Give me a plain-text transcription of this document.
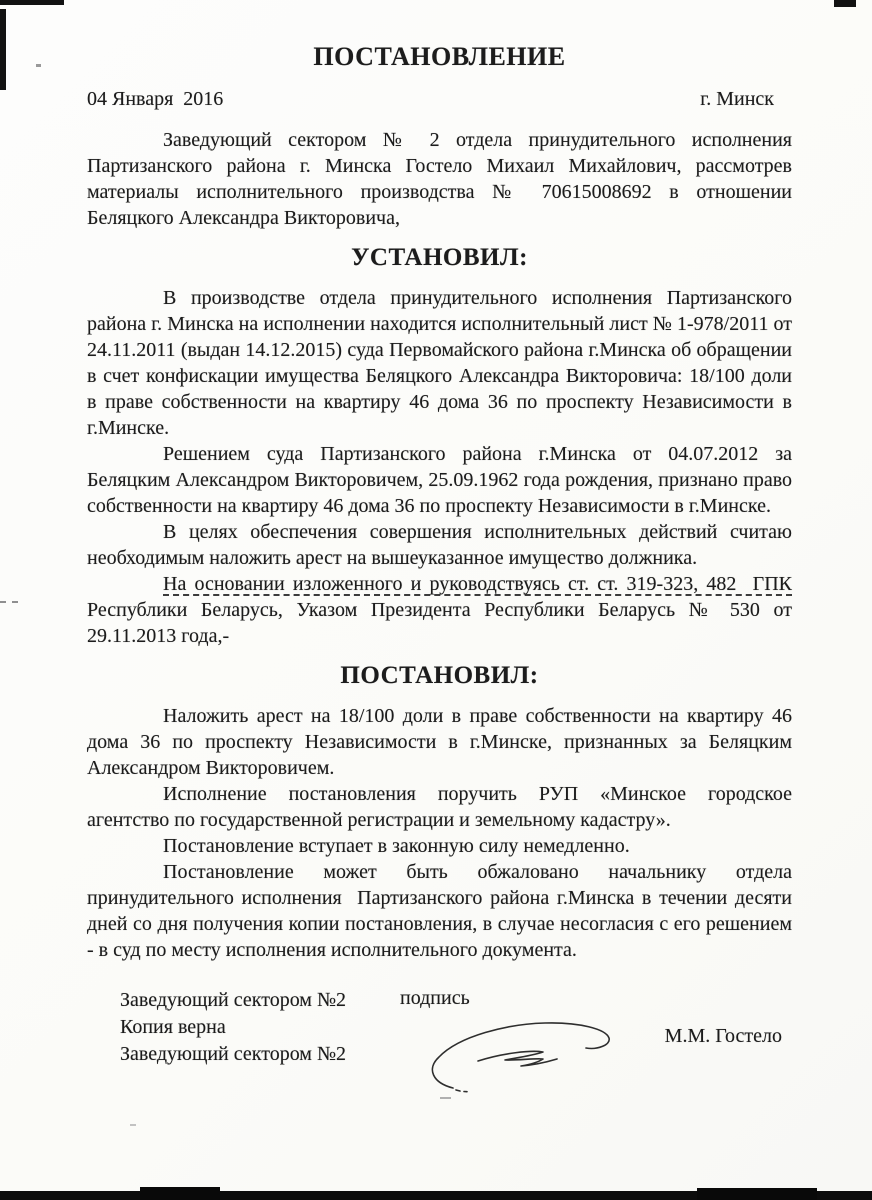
ПОСТАНОВЛЕНИЕ
04 Января  2016	г. Минск

Заведующий сектором № 2 отдела принудительного исполнения Партизанского района г. Минска Гостело Михаил Михайлович, рассмотрев материалы исполнительного производства № 70615008692 в отношении Беляцкого Александра Викторовича,

УСТАНОВИЛ:

В производстве отдела принудительного исполнения Партизанского района г. Минска на исполнении находится исполнительный лист № 1-978/2011 от 24.11.2011 (выдан 14.12.2015) суда Первомайского района г.Минска об обращении в счет конфискации имущества Беляцкого Александра Викторовича: 18/100 доли в праве собственности на квартиру 46 дома 36 по проспекту Независимости в г.Минске.

Решением суда Партизанского района г.Минска от 04.07.2012 за Беляцким Александром Викторовичем, 25.09.1962 года рождения, признано право собственности на квартиру 46 дома 36 по проспекту Независимости в г.Минске.

В целях обеспечения совершения исполнительных действий считаю необходимым наложить арест на вышеуказанное имущество должника.

На основании изложенного и руководствуясь ст. ст. 319-323, 482  ГПК Республики Беларусь, Указом Президента Республики Беларусь № 530 от 29.11.2013 года,-

ПОСТАНОВИЛ:

Наложить арест на 18/100 доли в праве собственности на квартиру 46 дома 36 по проспекту Независимости в г.Минске, признанных за Беляцким Александром Викторовичем.

Исполнение постановления поручить РУП «Минское городское агентство по государственной регистрации и земельному кадастру».

Постановление вступает в законную силу немедленно.

Постановление может быть обжаловано начальнику отдела принудительного исполнения  Партизанского района г.Минска в течении десяти дней со дня получения копии постановления, в случае несогласия с его решением - в суд по месту исполнения исполнительного документа.

Заведующий сектором №2
Копия верна
Заведующий сектором №2
подпись
М.М. Гостело
